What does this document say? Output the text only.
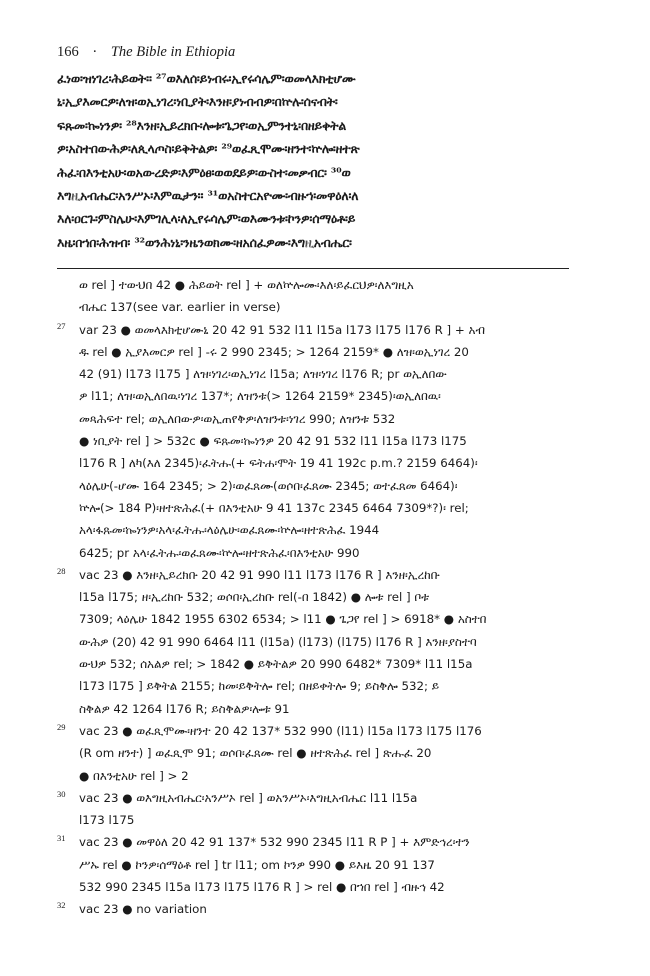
166 · The Bible in Ethiopia
ፈነወ፡ዝነገረ፡ሕይወት። ²⁷ወእለሰ፡ይነብሩ፡ኢየሩሳሌም፡ወመላእክቲሆሙ
ኒ፡ኢያእመርዎ፡ለዝ፡ወኢነገረ፡ነቢያት፡እንዘ፡ያነብብዎ፡በኵሉ፡ሰናብት፡
ፍጹመ፡ኰነንዎ፡ ²⁸እንዘ፡ኢይረክቡ፡ሎቱ፡ጌጋየ፡ወኢምንተኒ፡በዘይቀትል
ዎ፡አስተበውሕዎ፡ለጲላጦስ፡ይቅትልዎ፡ ²⁹ወፈጺሞሙ፡ዘንተ፡ኵሎ፡ዘተጽ
ሕፈ፡በእንቲአሁ፡ወአውረድዎ፡እምዕፀ፡ወወደይዎ፡ውስተ፡መቃብር፡ ³⁰ወ
እግዚአብሔር፡አንሥኦ፡እምዉታን። ³¹ወአስተርአዮሙ፡ብዙኀ፡መዋዕለ፡ለ
እለ፡ዐርጉ፡ምስሌሁ፡እምገሊላ፡ለኢየሩሳሌም፡ወእሙንቱ፡ኮንዎ፡ሰማዕቶ፡ይ
እዜ፡በኀበ፡ሕዝብ፡ ³²ወንሕነኒ፡ንዜንወክሙ፡ዘአሰፈዎሙ፡እግዚአብሔር፡
ወ rel ] ተውህበ 42 ● ሕይወት rel ] + ወለኵሎሙ፡እለ፡ይፈርህዎ፡ለእግዚአ
ብሔር 137(see var. earlier in verse)
27 var 23 ● ወመላእክቲሆሙኒ 20 42 91 532 l11 l15a l173 l175 l176 R ] + አብ
ዱ rel ● ኢያእመርዎ rel ] -ሩ 2 990 2345; > 1264 2159* ● ለዝ፡ወኢነገረ 20
42 (91) l173 l175 ] ለዝ፡ነገረ፡ወኢነገረ l15a; ለዝ፡ነገረ l176 R; pr ወኢለበው
ዎ l11; ለዝ፡ወኢለበዉ፡ነገረ 137*; ለዝንቱ(> 1264 2159* 2345)፡ወኢለበዉ፡
መጻሕፍተ rel; ወኢለበውዎ፡ወኢጠየቅዎ፡ለዝንቱ፡ነገረ 990; ለዝንቱ 532
● ነቢያት rel ] > 532c ● ፍጹመ፡ኰነንዎ 20 42 91 532 l11 l15a l173 l175
l176 R ] ለካ(እለ 2345)፡ፈትሑ(+ ፍትሐ፡ሞት 19 41 192c p.m.? 2159 6464)፡
ላዕሌሁ(-ሆሙ 164 2345; > 2)፡ወፈጸሙ(ወሶበ፡ፈጸሙ 2345; ወተፈጸመ 6464)፡
ኵሎ(> 184 P)፡ዘተጽሕፈ(+ በእንቲአሁ 9 41 137c 2345 6464 7309*?)፡ rel;
አላ፡ፋጹመ፡ኰነንዎ፡አላ፡ፈትሑ፡ላዕሌሁ፡ወፈጸሙ፡ኵሎ፡ዘተጽሕፈ 1944
6425; pr አላ፡ፈትሑ፡ወፈጸሙ፡ኵሎ፡ዘተጽሕፈ፡በእንቲአሁ 990
28 vac 23 ● እንዘ፡ኢይረክቡ 20 42 91 990 l11 l173 l176 R ] እንዘ፡ኢረከቡ
l15a l175; ዘ፡ኢረከቡ 532; ወሶበ፡ኢረከቡ rel(-በ 1842) ● ሎቱ rel ] ቦቱ
7309; ላዕሌሁ 1842 1955 6302 6534; > l11 ● ጌጋየ rel ] > 6918* ● አስተበ
ውሕዎ (20) 42 91 990 6464 l11 (l15a) (l173) (l175) l176 R ] እንዘ፡ያስተባ
ውህዎ 532; ሰአልዎ rel; > 1842 ● ይቅትልዎ 20 990 6482* 7309* l11 l15a
l173 l175 ] ይቅትል 2155; ከመ፡ይቅትሎ rel; በዘይቀትሎ 9; ይስቅሎ 532; ይ
ስቅልዎ 42 1264 l176 R; ይስቅልዎ፡ሎቱ 91
29 vac 23 ● ወፈጺሞሙ፡ዘንተ 20 42 137* 532 990 (l11) l15a l173 l175 l176
(R om ዘንተ) ] ወፈጺሞ 91; ወሶበ፡ፈጸሙ rel ● ዘተጽሕፈ rel ] ጽሑፈ 20
● በእንቲአሁ rel ] > 2
30 vac 23 ● ወእግዚአብሔር፡አንሥኦ rel ] ወአንሥኦ፡እግዚአብሔር l11 l15a
l173 l175
31 vac 23 ● መዋዕለ 20 42 91 137* 532 990 2345 l11 R P ] + እምድኅረ፡ተን
ሥኡ rel ● ኮንዎ፡ሰማዕቶ rel ] tr l11; om ኮንዎ 990 ● ይእዜ 20 91 137
532 990 2345 l15a l173 l175 l176 R ] > rel ● በኀበ rel ] ብዙኅ 42
32 vac 23 ● no variation
